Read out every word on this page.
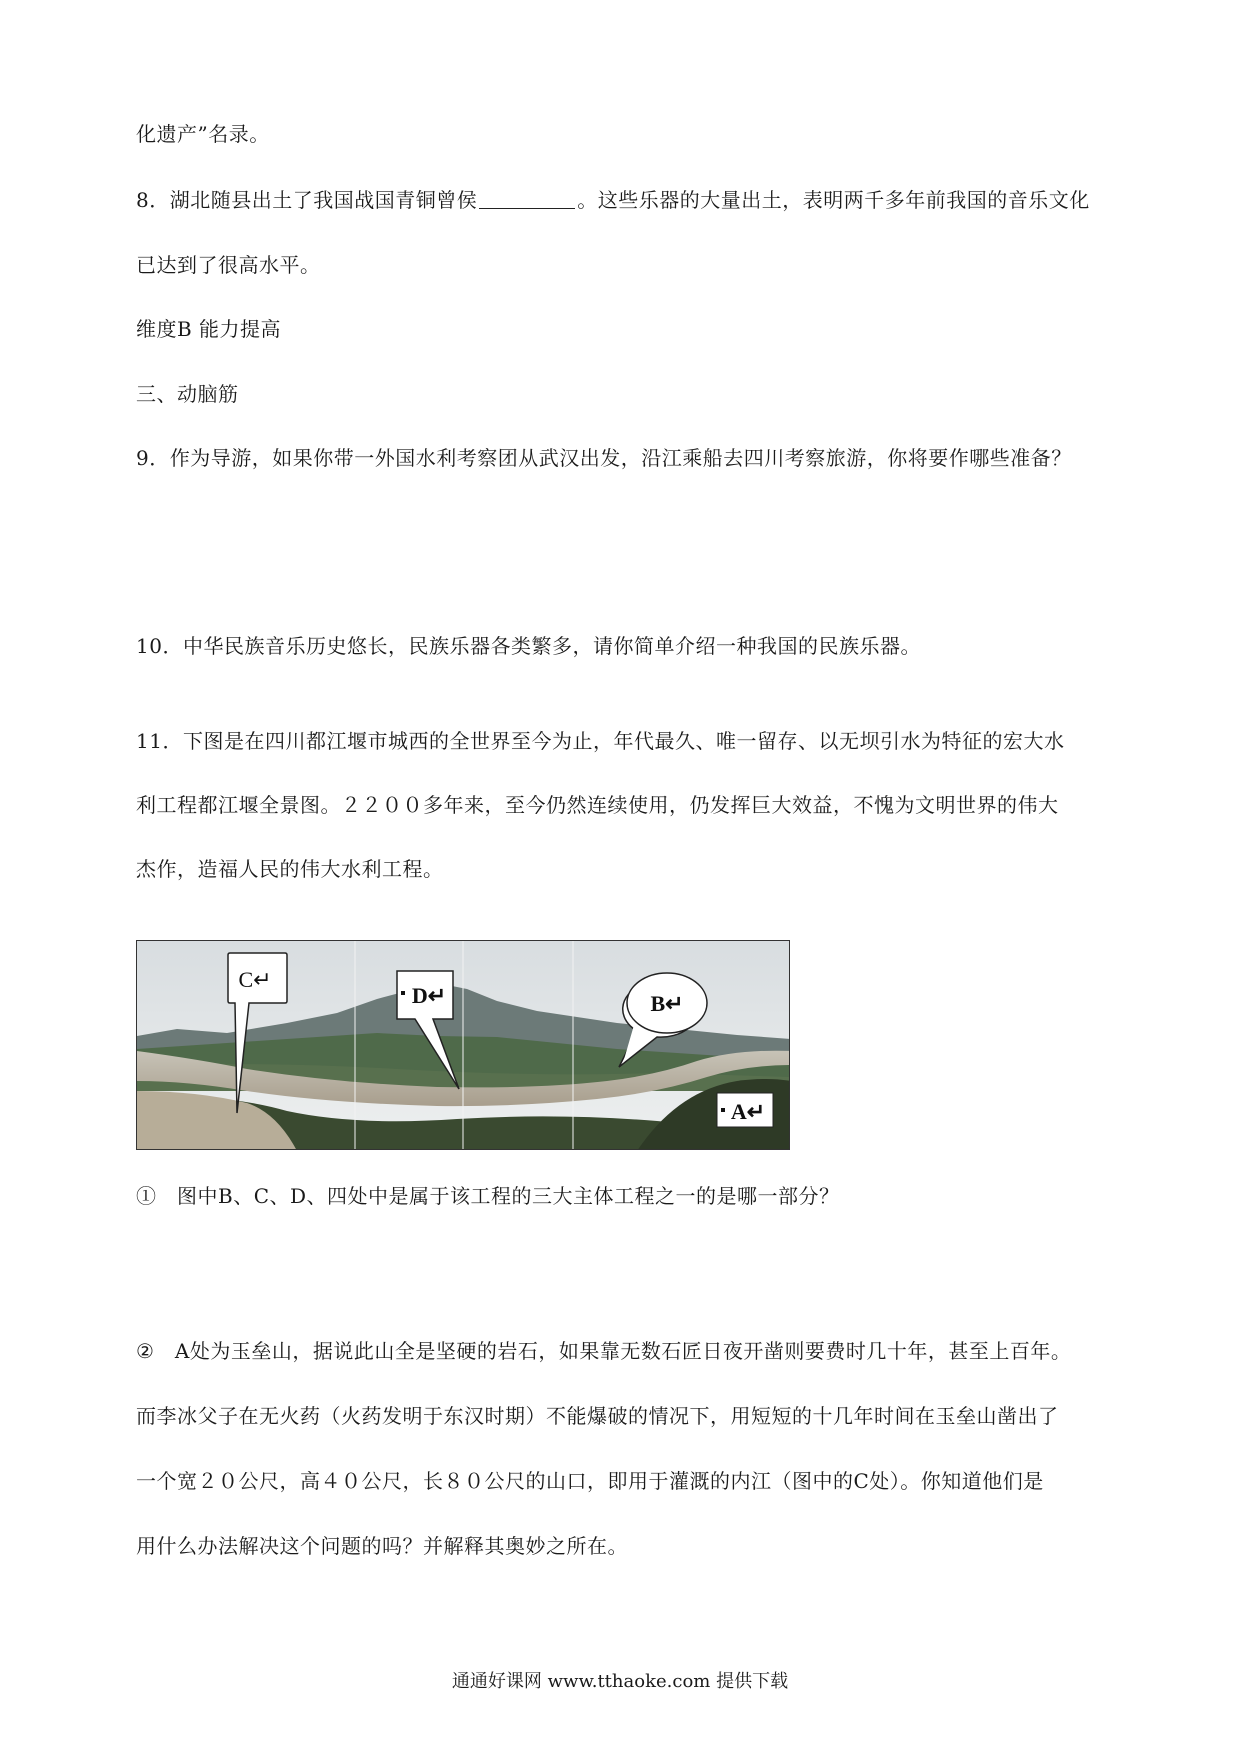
化遗产”名录。
8．湖北随县出土了我国战国青铜曾侯	。这些乐器的大量出土，表明两千多年前我国的音乐文化
已达到了很高水平。
维度B 能力提高
三、动脑筋
9．作为导游，如果你带一外国水利考察团从武汉出发，沿江乘船去四川考察旅游，你将要作哪些准备？
10．中华民族音乐历史悠长，民族乐器各类繁多，请你简单介绍一种我国的民族乐器。
11．下图是在四川都江堰市城西的全世界至今为止，年代最久、唯一留存、以无坝引水为特征的宏大水
利工程都江堰全景图。２２００多年来，至今仍然连续使用，仍发挥巨大效益，不愧为文明世界的伟大
杰作，造福人民的伟大水利工程。
C↵
D↵	B↵
A↵
①　图中B、C、D、四处中是属于该工程的三大主体工程之一的是哪一部分？
②　A处为玉垒山，据说此山全是坚硬的岩石，如果靠无数石匠日夜开凿则要费时几十年，甚至上百年。
而李冰父子在无火药（火药发明于东汉时期）不能爆破的情况下，用短短的十几年时间在玉垒山凿出了
一个宽２０公尺，高４０公尺，长８０公尺的山口，即用于灌溉的内江（图中的C处）。你知道他们是
用什么办法解决这个问题的吗？并解释其奥妙之所在。
通通好课网 www.tthaoke.com 提供下载
